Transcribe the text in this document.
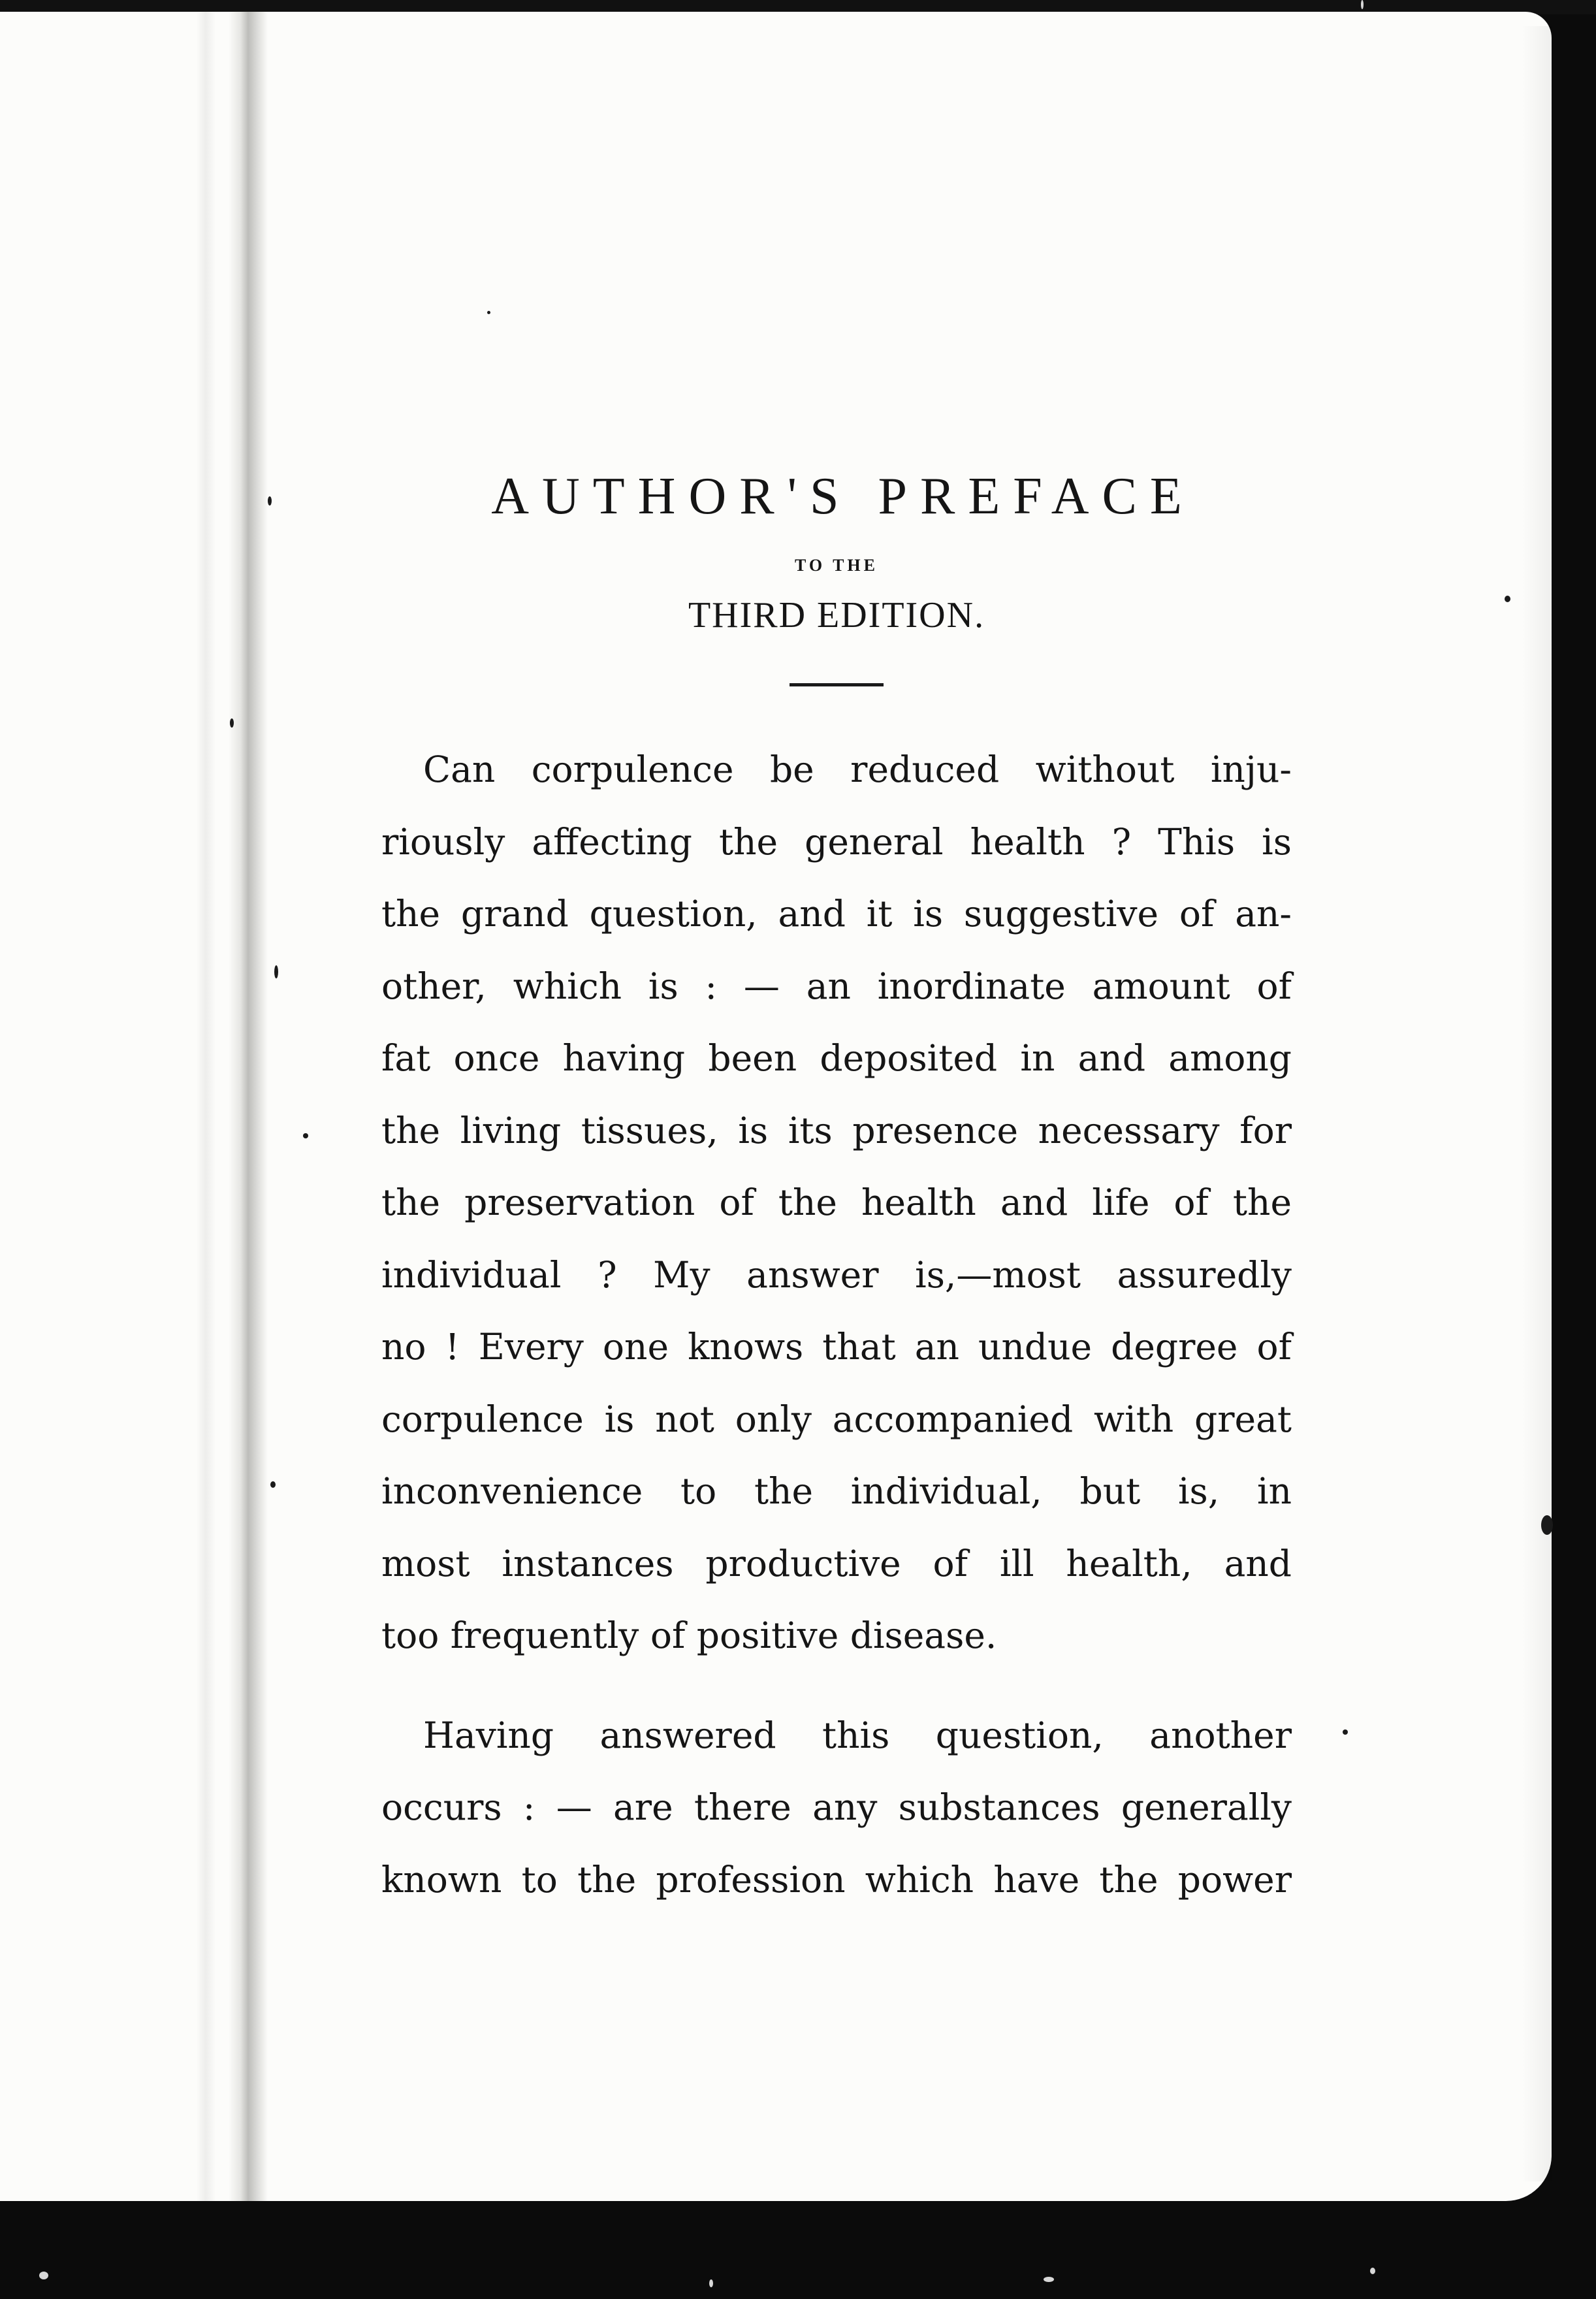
AUTHOR'S PREFACE
TO THE
THIRD EDITION.
Can corpulence be reduced without inju-
riously affecting the general health ? This is
the grand question, and it is suggestive of an-
other, which is : — an inordinate amount of
fat once having been deposited in and among
the living tissues, is its presence necessary for
the preservation of the health and life of the
individual ? My answer is,—most assuredly
no ! Every one knows that an undue degree of
corpulence is not only accompanied with great
inconvenience to the individual, but is, in
most instances productive of ill health, and
too frequently of positive disease.
Having answered this question, another
occurs : — are there any substances generally
known to the profession which have the power
